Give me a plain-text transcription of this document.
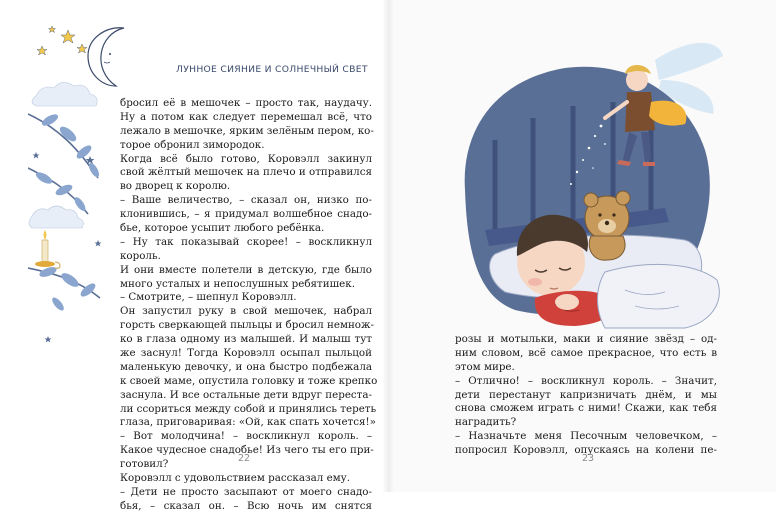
ЛУННОЕ СИЯНИЕ И СОЛНЕЧНЫЙ СВЕТ
бросил её в мешочек – просто так, наудачу.
Ну а потом как следует перемешал всё, что
лежало в мешочке, ярким зелёным пером, ко-
торое обронил зимородок.
Когда всё было готово, Коровэлл закинул
свой жёлтый мешочек на плечо и отправился
во дворец к королю.
– Ваше величество, – сказал он, низко по-
клонившись, – я придумал волшебное снадо-
бье, которое усыпит любого ребёнка.
– Ну так показывай скорее! – воскликнул
король.
И они вместе полетели в детскую, где было
много усталых и непослушных ребятишек.
– Смотрите, – шепнул Коровэлл.
Он запустил руку в свой мешочек, набрал
горсть сверкающей пыльцы и бросил немнож-
ко в глаза одному из малышей. И малыш тут
же заснул! Тогда Коровэлл осыпал пыльцой
маленькую девочку, и она быстро подбежала
к своей маме, опустила головку и тоже крепко
заснула. И все остальные дети вдруг переста-
ли ссориться между собой и принялись тереть
глаза, приговаривая: «Ой, как спать хочется!»
– Вот молодчина! – воскликнул король. –
Какое чудесное снадобье! Из чего ты его при-
готовил?
Коровэлл с удовольствием рассказал ему.
– Дети не просто засыпают от моего снадо-
бья, – сказал он. – Всю ночь им снятся
22
розы и мотыльки, маки и сияние звёзд – од-
ним словом, всё самое прекрасное, что есть в
этом мире.
– Отлично! – воскликнул король. – Значит,
дети перестанут капризничать днём, и мы
снова сможем играть с ними! Скажи, как тебя
наградить?
– Назначьте меня Песочным человечком, –
попросил Коровэлл, опускаясь на колени пе-
23
